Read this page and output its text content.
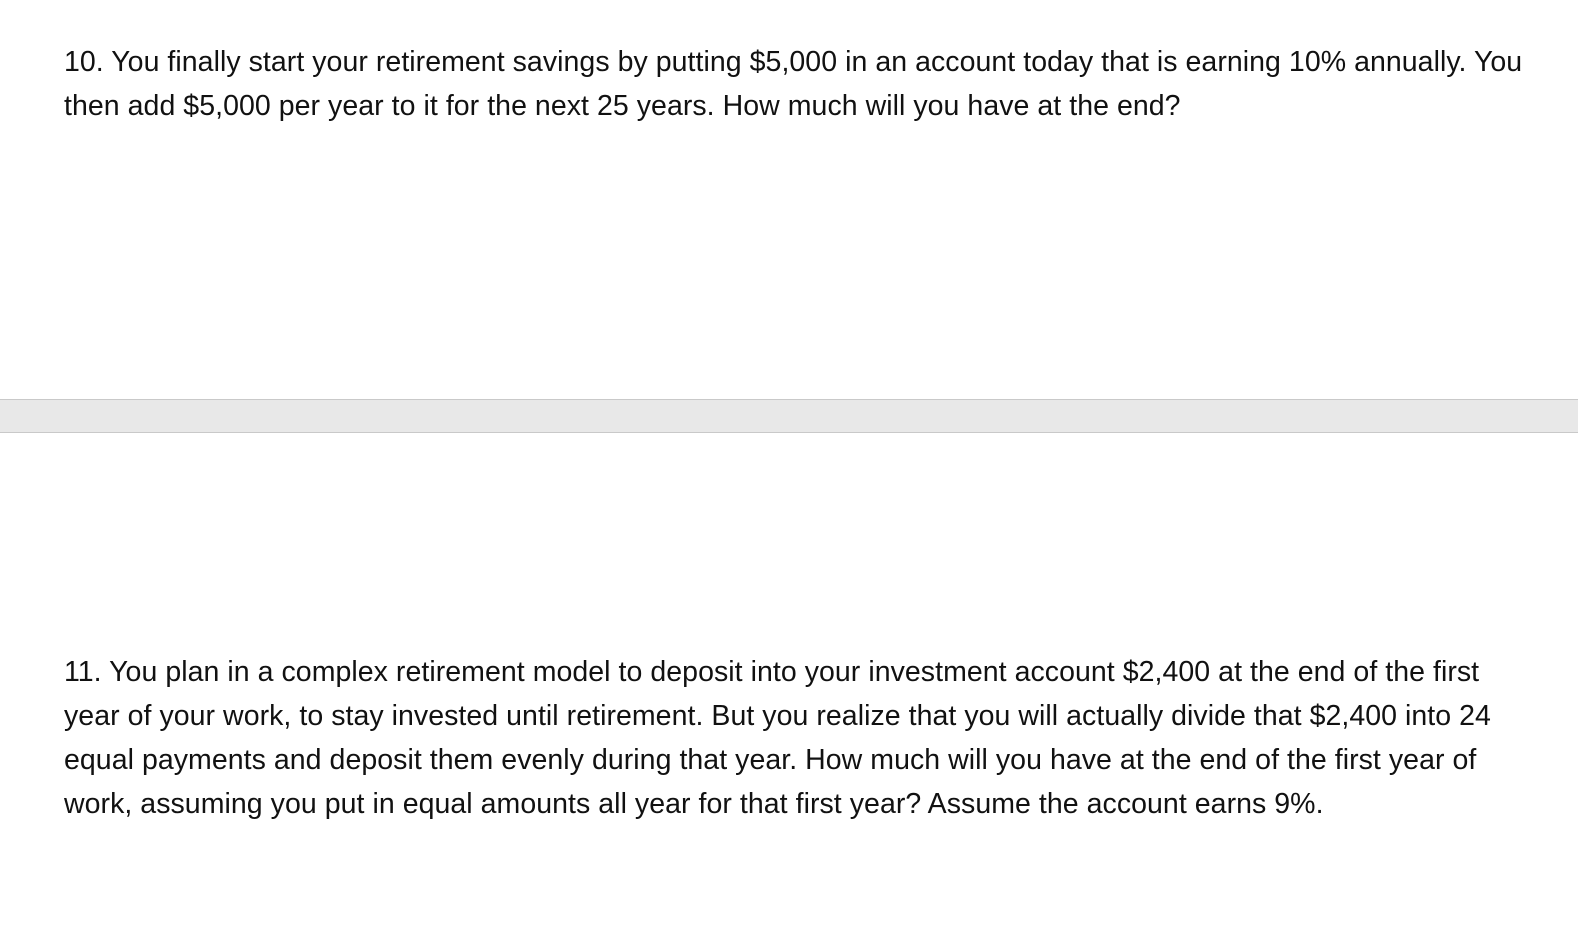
10. You finally start your retirement savings by putting $5,000 in an account today that is earning 10% annually. You then add $5,000 per year to it for the next 25 years. How much will you have at the end?

11. You plan in a complex retirement model to deposit into your investment account $2,400 at the end of the first year of your work, to stay invested until retirement. But you realize that you will actually divide that $2,400 into 24 equal payments and deposit them evenly during that year. How much will you have at the end of the first year of work, assuming you put in equal amounts all year for that first year? Assume the account earns 9%.
